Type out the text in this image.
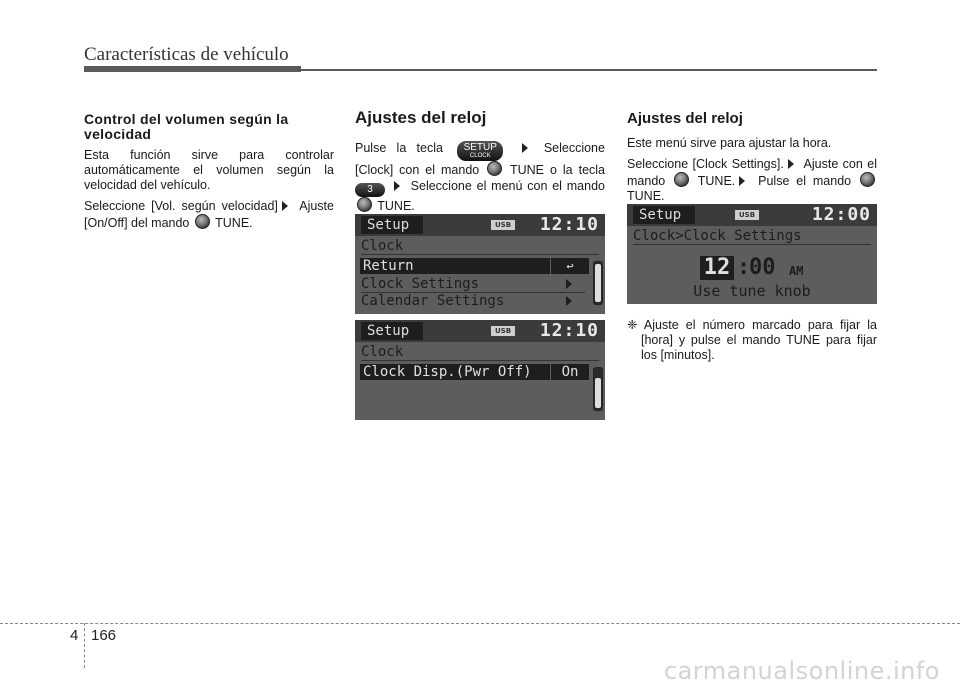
Características de vehículo
Control del volumen según la velocidad

Esta función sirve para controlar automáticamente el volumen según la velocidad del vehículo.

Seleccione [Vol. según velocidad] Ajuste [On/Off] del mando TUNE.

Ajustes del reloj

Pulse la tecla	SETUP
CLOCK
Seleccione [Clock] con el mando TUNE o la tecla 3	Seleccione el menú con el mando  TUNE.

Setup	USB 12:10
Clock
Return	↩
Clock Settings
Calendar Settings
Setup	USB 12:10
Clock
Clock Disp.(Pwr Off)	On
Ajustes del reloj

Este menú sirve para ajustar la hora.

Seleccione [Clock Settings]. Ajuste con el mando	TUNE. Pulse el mando  TUNE.

Setup	USB	12:00
Clock>Clock Settings
12 :
00 AM
Use tune knob

❈ Ajuste el número marcado para fijar la [hora] y pulse el mando TUNE para fijar los [minutos].

4 166
carmanualsonline.info
